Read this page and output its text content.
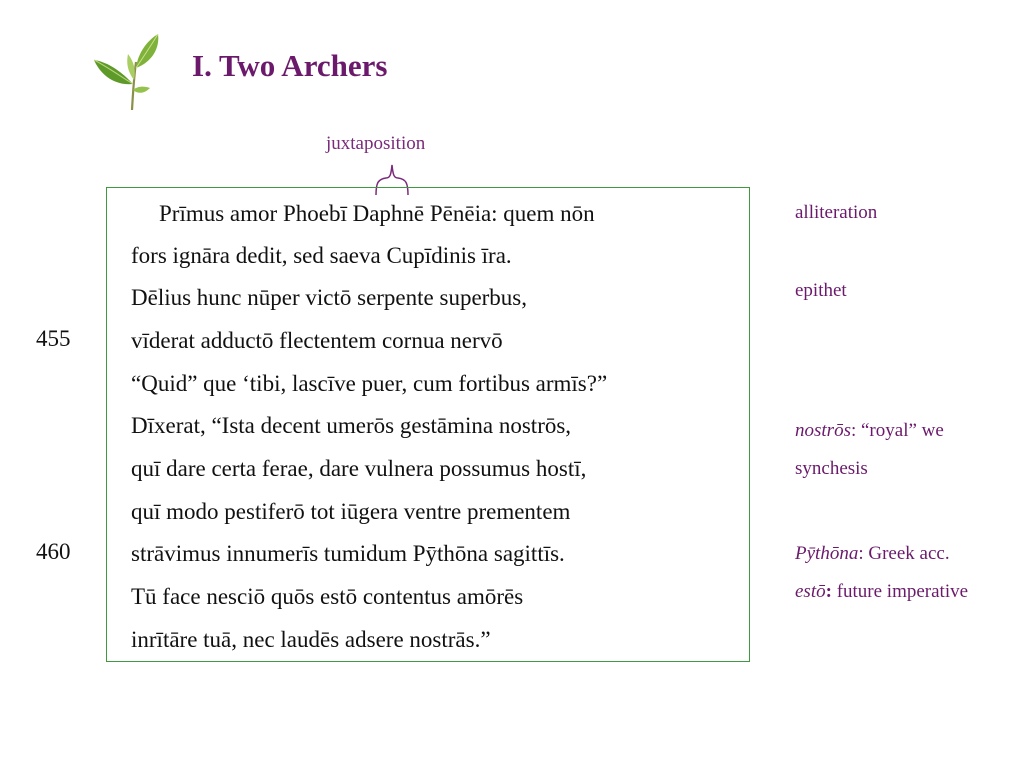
I. Two Archers
juxtaposition
Prīmus amor Phoebī Daphnē Pēnēia: quem nōn
fors ignāra dedit, sed saeva Cupīdinis īra.
Dēlius hunc nūper victō serpente superbus,
vīderat adductō flectentem cornua nervō
“Quid” que ‘tibi, lascīve puer, cum fortibus armīs?”
Dīxerat, “Ista decent umerōs gestāmina nostrōs,
quī dare certa ferae, dare vulnera possumus hostī,
quī modo pestiferō tot iūgera ventre prementem
strāvimus innumerīs tumidum Pȳthōna sagittīs.
Tū face nesciō quōs estō contentus amōrēs
inrītāre tuā, nec laudēs adsere nostrās.”
455
460
alliteration
epithet
nostrōs: “royal” we
synchesis
Pȳthōna: Greek acc.
estō: future imperative
